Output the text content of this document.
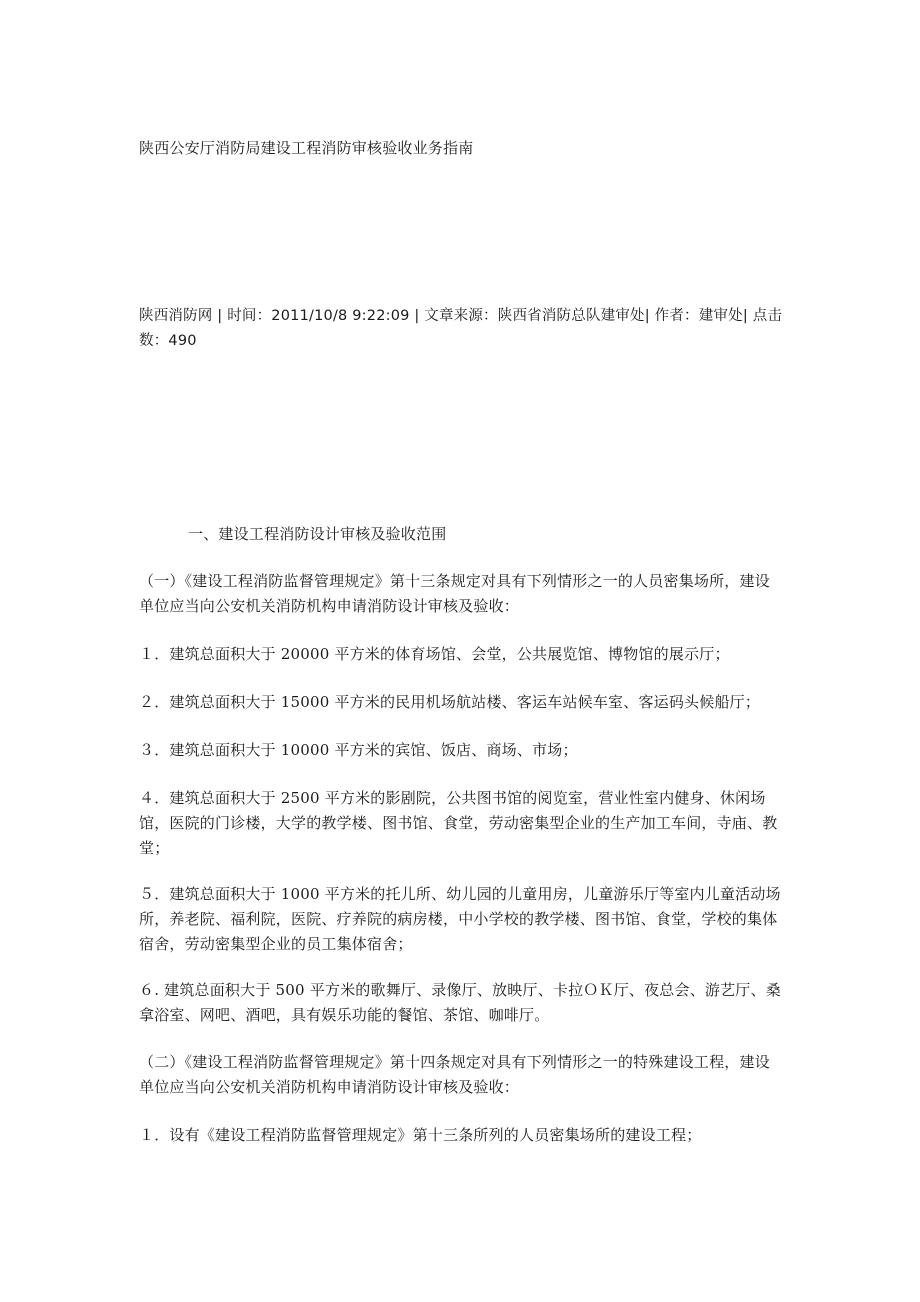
陕西公安厅消防局建设工程消防审核验收业务指南

陕西消防网 | 时间：2011/10/8 9:22:09 | 文章来源：陕西省消防总队建审处| 作者：建审处| 点击数：490

一、建设工程消防设计审核及验收范围

（一）《建设工程消防监督管理规定》第十三条规定对具有下列情形之一的人员密集场所，建设单位应当向公安机关消防机构申请消防设计审核及验收：

１．建筑总面积大于 20000 平方米的体育场馆、会堂，公共展览馆、博物馆的展示厅；

２．建筑总面积大于 15000 平方米的民用机场航站楼、客运车站候车室、客运码头候船厅；

３．建筑总面积大于 10000 平方米的宾馆、饭店、商场、市场；

４．建筑总面积大于 2500 平方米的影剧院，公共图书馆的阅览室，营业性室内健身、休闲场馆，医院的门诊楼，大学的教学楼、图书馆、食堂，劳动密集型企业的生产加工车间，寺庙、教堂；

５．建筑总面积大于 1000 平方米的托儿所、幼儿园的儿童用房，儿童游乐厅等室内儿童活动场所，养老院、福利院，医院、疗养院的病房楼，中小学校的教学楼、图书馆、食堂，学校的集体宿舍，劳动密集型企业的员工集体宿舍；

６. 建筑总面积大于 500 平方米的歌舞厅、录像厅、放映厅、卡拉ＯＫ厅、夜总会、游艺厅、桑拿浴室、网吧、酒吧，具有娱乐功能的餐馆、茶馆、咖啡厅。

（二）《建设工程消防监督管理规定》第十四条规定对具有下列情形之一的特殊建设工程，建设单位应当向公安机关消防机构申请消防设计审核及验收：

１．设有《建设工程消防监督管理规定》第十三条所列的人员密集场所的建设工程；
